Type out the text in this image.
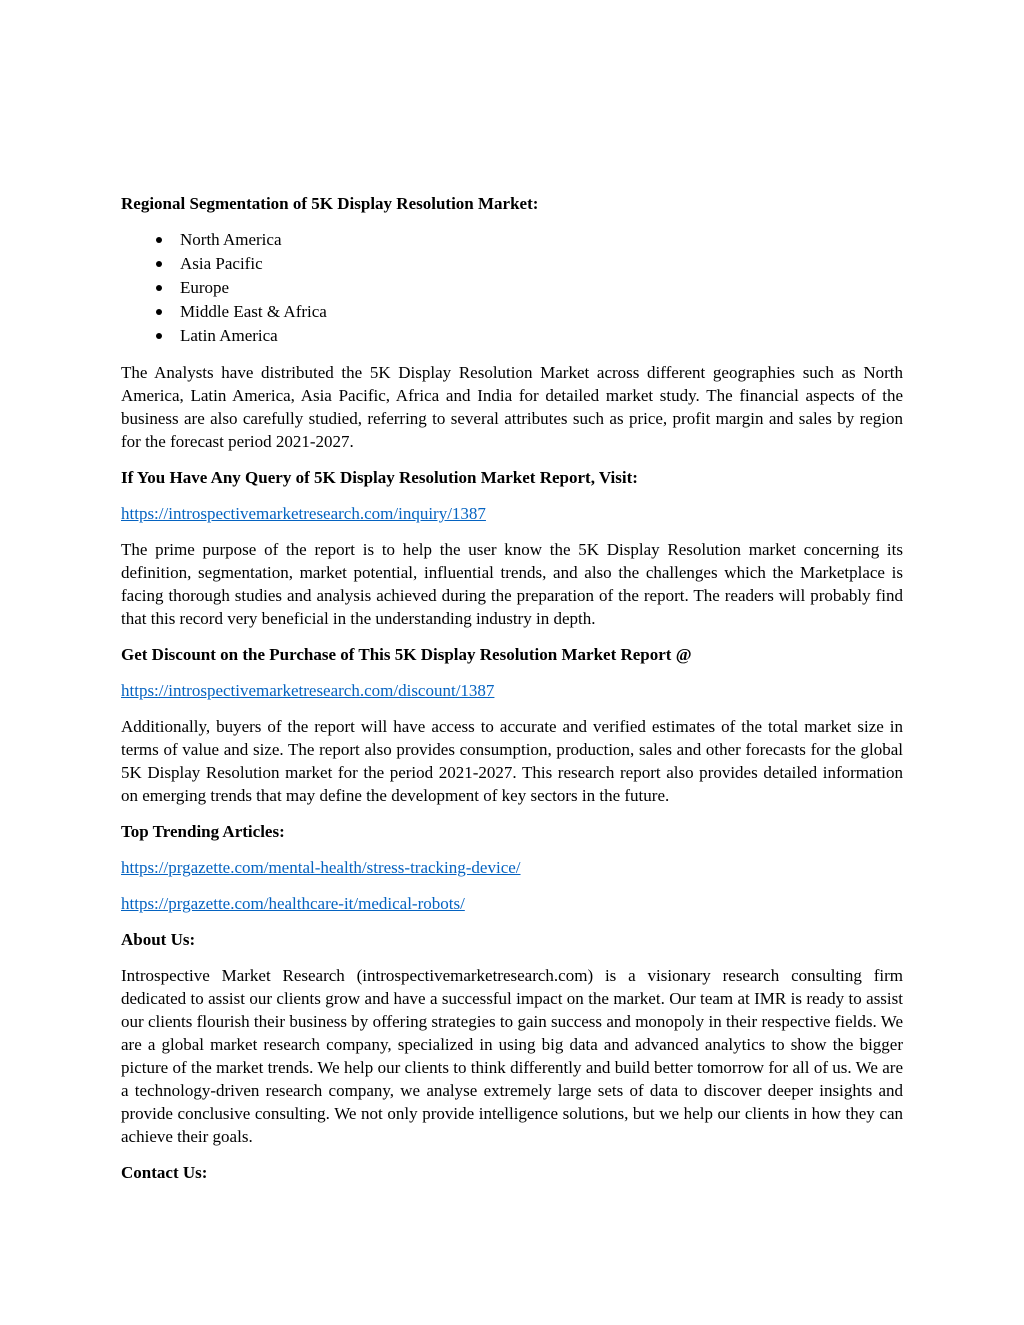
Regional Segmentation of 5K Display Resolution Market:
North America
Asia Pacific
Europe
Middle East & Africa
Latin America
The Analysts have distributed the 5K Display Resolution Market across different geographies such as North America, Latin America, Asia Pacific, Africa and India for detailed market study. The financial aspects of the business are also carefully studied, referring to several attributes such as price, profit margin and sales by region for the forecast period 2021-2027.
If You Have Any Query of 5K Display Resolution Market Report, Visit:
https://introspectivemarketresearch.com/inquiry/1387
The prime purpose of the report is to help the user know the 5K Display Resolution market concerning its definition, segmentation, market potential, influential trends, and also the challenges which the Marketplace is facing thorough studies and analysis achieved during the preparation of the report. The readers will probably find that this record very beneficial in the understanding industry in depth.
Get Discount on the Purchase of This 5K Display Resolution Market Report @
https://introspectivemarketresearch.com/discount/1387
Additionally, buyers of the report will have access to accurate and verified estimates of the total market size in terms of value and size. The report also provides consumption, production, sales and other forecasts for the global 5K Display Resolution market for the period 2021-2027. This research report also provides detailed information on emerging trends that may define the development of key sectors in the future.
Top Trending Articles:
https://prgazette.com/mental-health/stress-tracking-device/
https://prgazette.com/healthcare-it/medical-robots/
About Us:
Introspective Market Research (introspectivemarketresearch.com) is a visionary research consulting firm dedicated to assist our clients grow and have a successful impact on the market. Our team at IMR is ready to assist our clients flourish their business by offering strategies to gain success and monopoly in their respective fields. We are a global market research company, specialized in using big data and advanced analytics to show the bigger picture of the market trends. We help our clients to think differently and build better tomorrow for all of us. We are a technology-driven research company, we analyse extremely large sets of data to discover deeper insights and provide conclusive consulting. We not only provide intelligence solutions, but we help our clients in how they can achieve their goals.
Contact Us:
